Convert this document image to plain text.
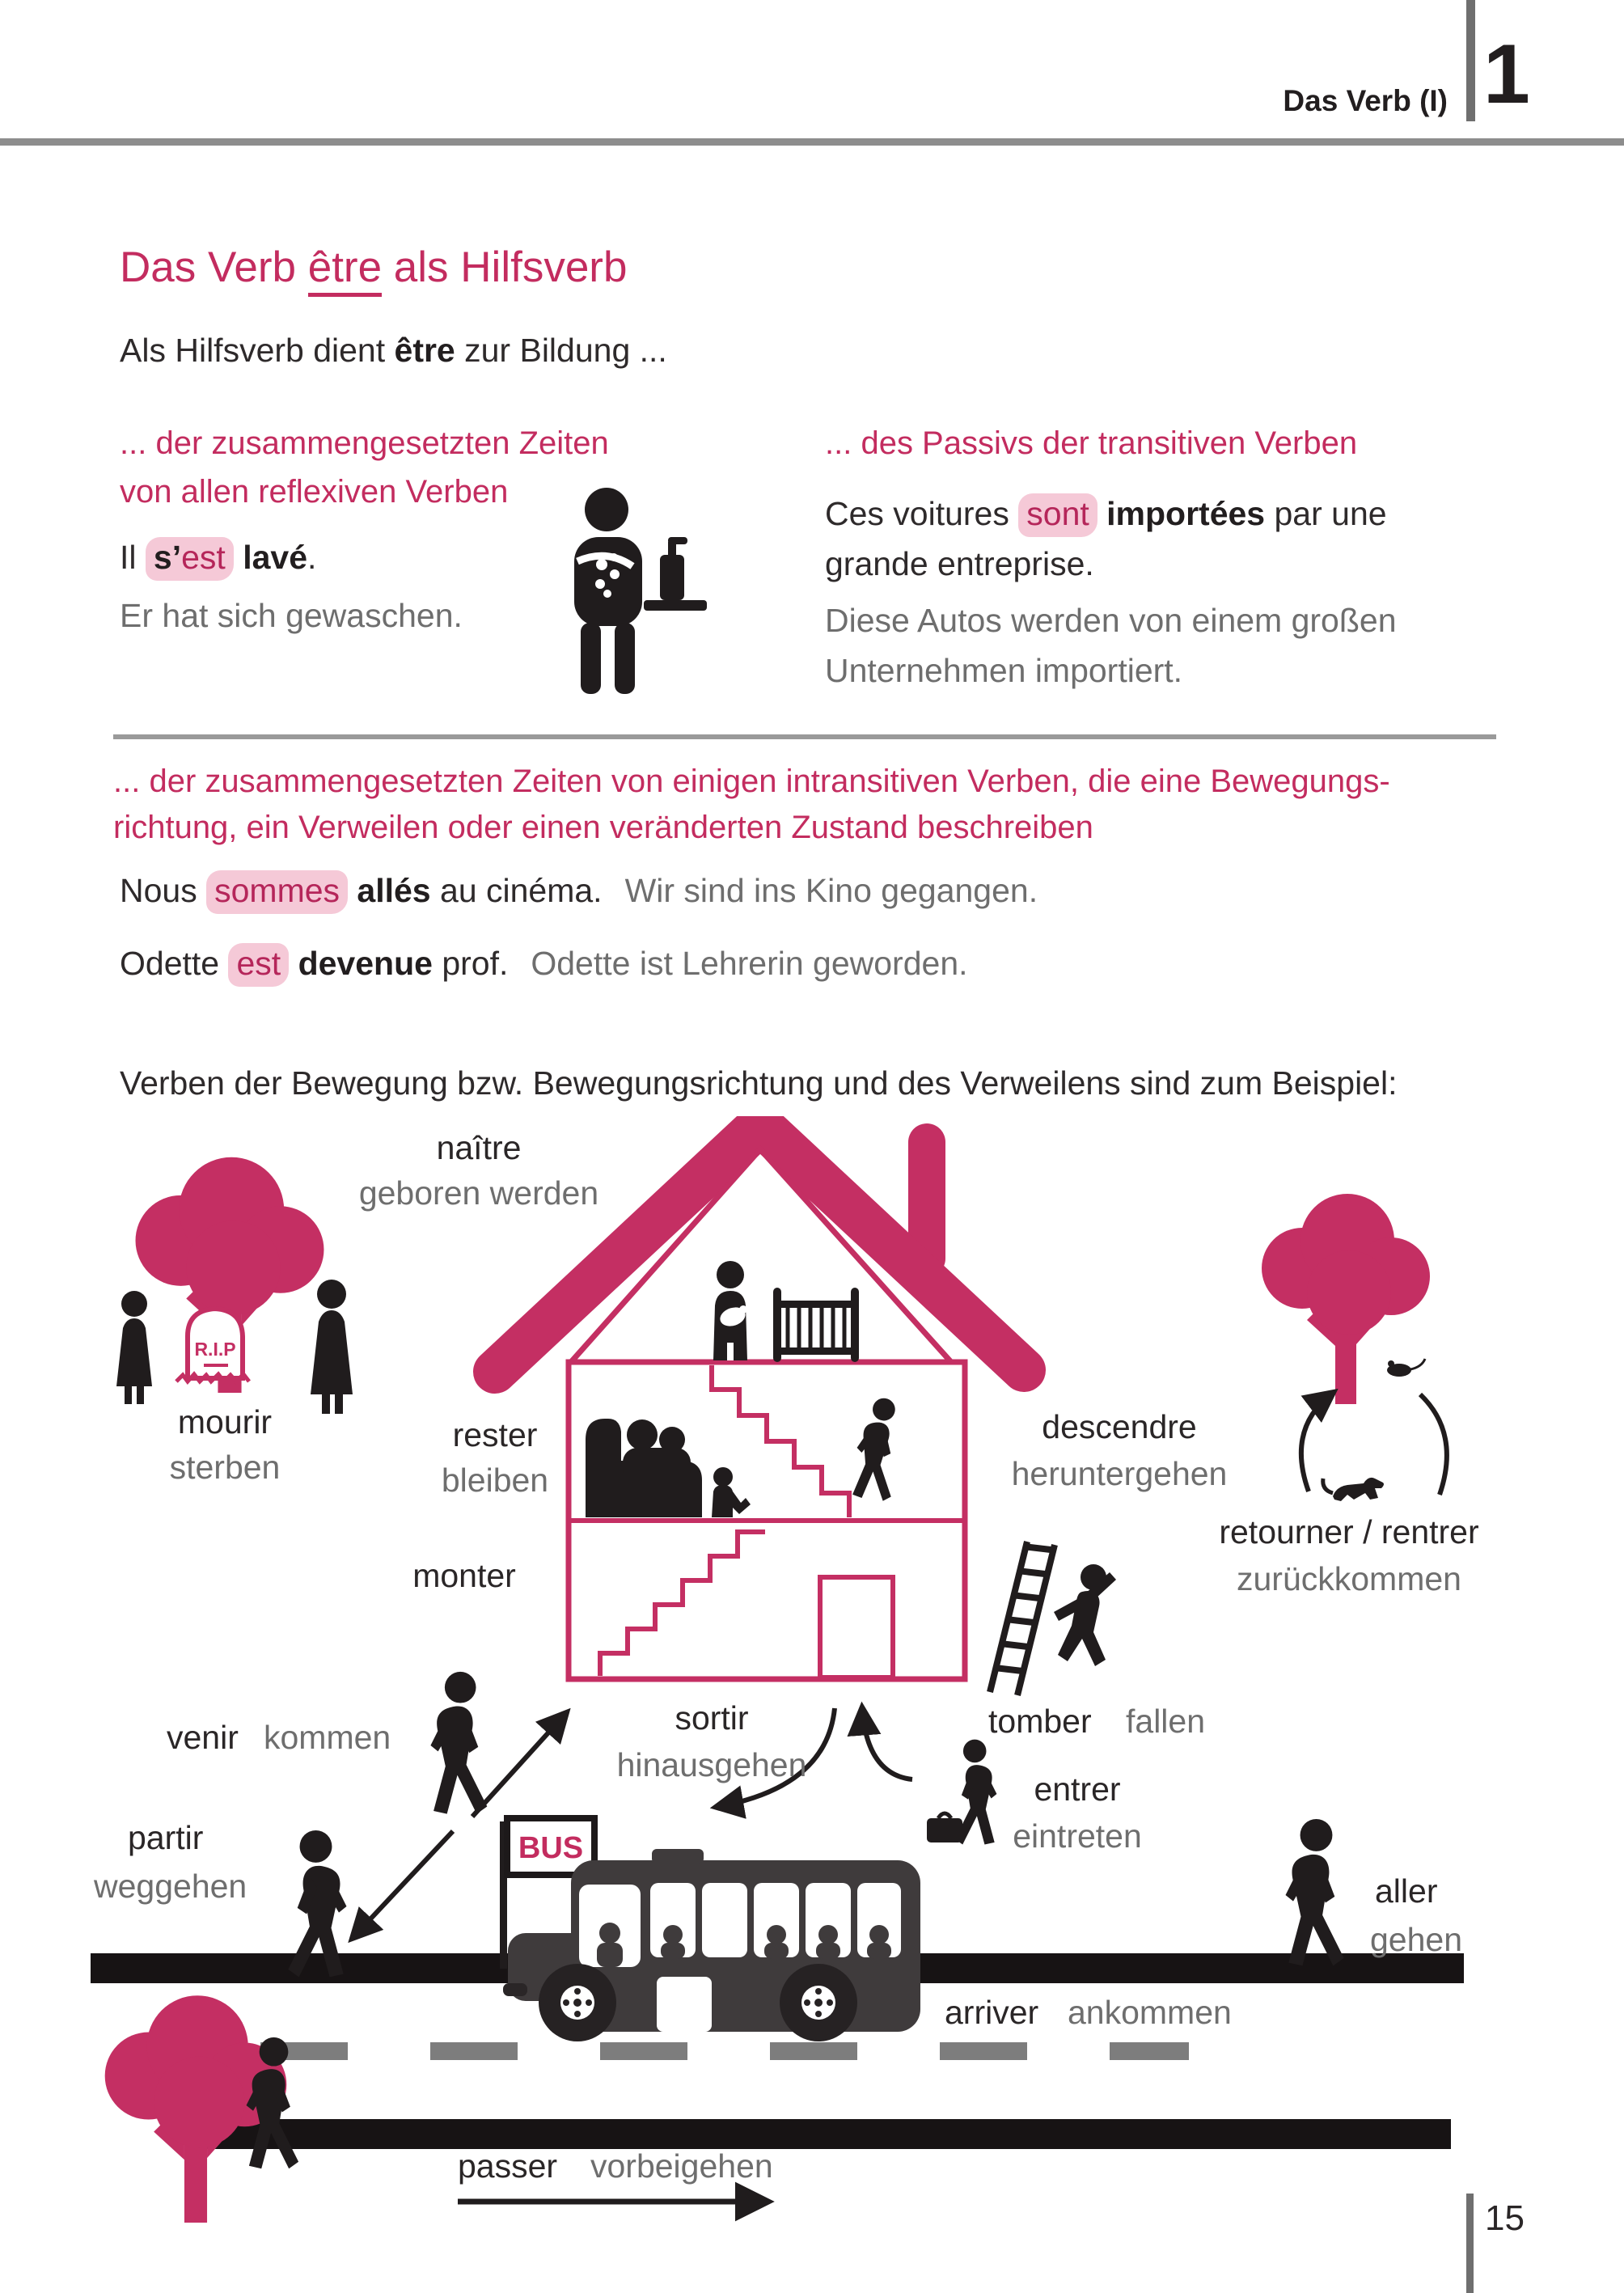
Das Verb (I) 1
Das Verb être als Hilfsverb
Als Hilfsverb dient être zur Bildung ...
... der zusammengesetzten Zeiten von allen reflexiven Verben
Il s’est lavé.
Er hat sich gewaschen.
... des Passivs der transitiven Verben
Ces voitures sont importées par une grande entreprise.
Diese Autos werden von einem großen Unternehmen importiert.
... der zusammengesetzten Zeiten von einigen intransitiven Verben, die eine Bewegungs-
richtung, ein Verweilen oder einen veränderten Zustand beschreiben
Nous sommes allés au cinéma. Wir sind ins Kino gegangen.
Odette est devenue prof. Odette ist Lehrerin geworden.
Verben der Bewegung bzw. Bewegungsrichtung und des Verweilens sind zum Beispiel:
R.I.P
BUS
naître
geboren werden
mourir
sterben
rester
bleiben
monter
descendre
heruntergehen
retourner / rentrer
zurückkommen
venir kommen
sortir
hinausgehen
tomber fallen
entrer
eintreten
partir
weggehen	aller
gehen
arriver ankommen
passer vorbeigehen
15
